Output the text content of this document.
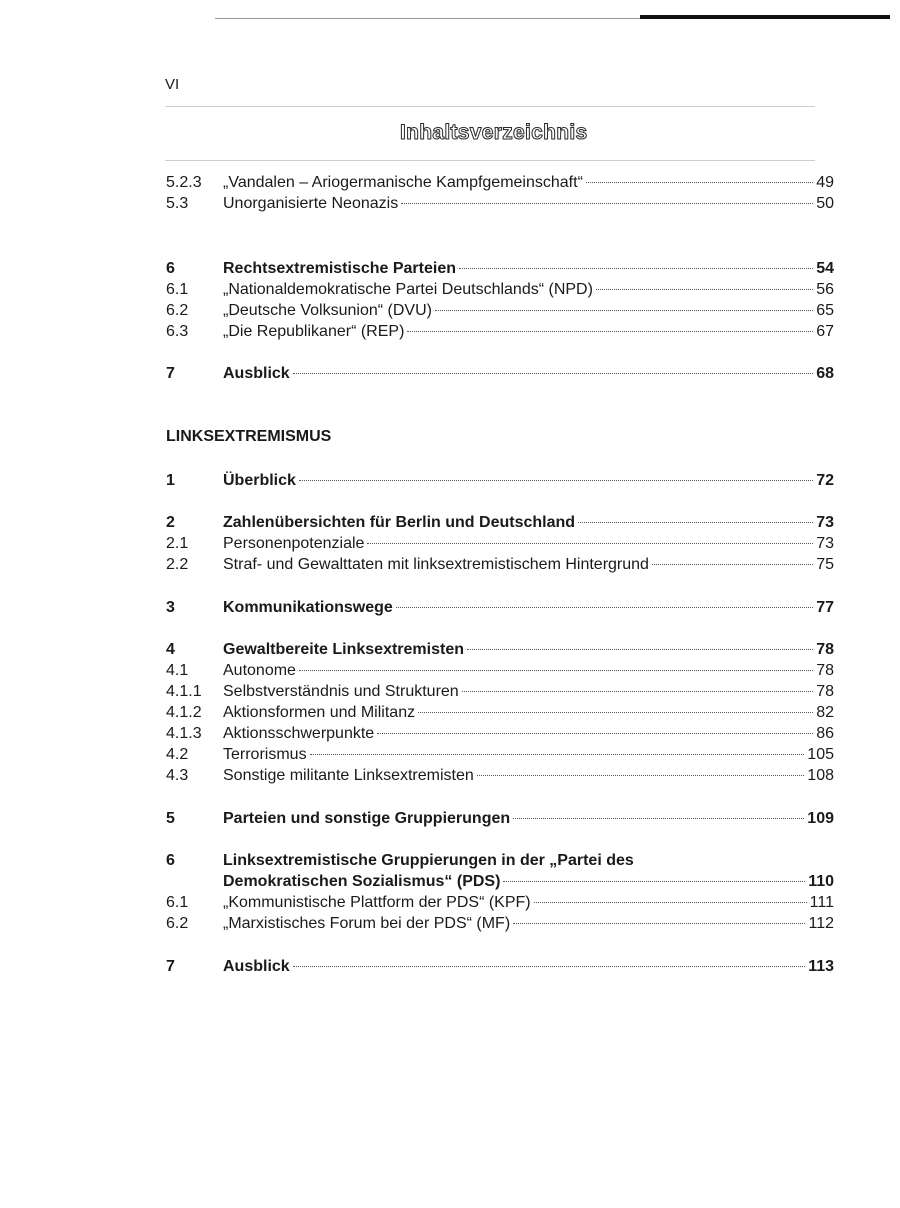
VI
Inhaltsverzeichnis
5.2.3 „Vandalen – Ariogermanische Kampfgemeinschaft“	49
5.3 Unorganisierte Neonazis	50
6	Rechtsextremistische Parteien	54
6.1 „Nationaldemokratische Partei Deutschlands“ (NPD)	56
6.2 „Deutsche Volksunion“ (DVU)	65
6.3 „Die Republikaner“ (REP)	67
7	Ausblick	68
LINKSEXTREMISMUS
1	Überblick	72
2	Zahlenübersichten für Berlin und Deutschland	73
2.1 Personenpotenziale	73
2.2 Straf- und Gewalttaten mit linksextremistischem Hintergrund	75
3	Kommunikationswege	77
4	Gewaltbereite Linksextremisten	78
4.1 Autonome	78
4.1.1 Selbstverständnis und Strukturen	78
4.1.2 Aktionsformen und Militanz	82
4.1.3 Aktionsschwerpunkte	86
4.2 Terrorismus	105
4.3 Sonstige militante Linksextremisten	108
5	Parteien und sonstige Gruppierungen	109
6	Linksextremistische Gruppierungen in der „Partei des
Demokratischen Sozialismus“ (PDS)	110
6.1 „Kommunistische Plattform der PDS“ (KPF)	111
6.2 „Marxistisches Forum bei der PDS“ (MF)	112
7	Ausblick	113
